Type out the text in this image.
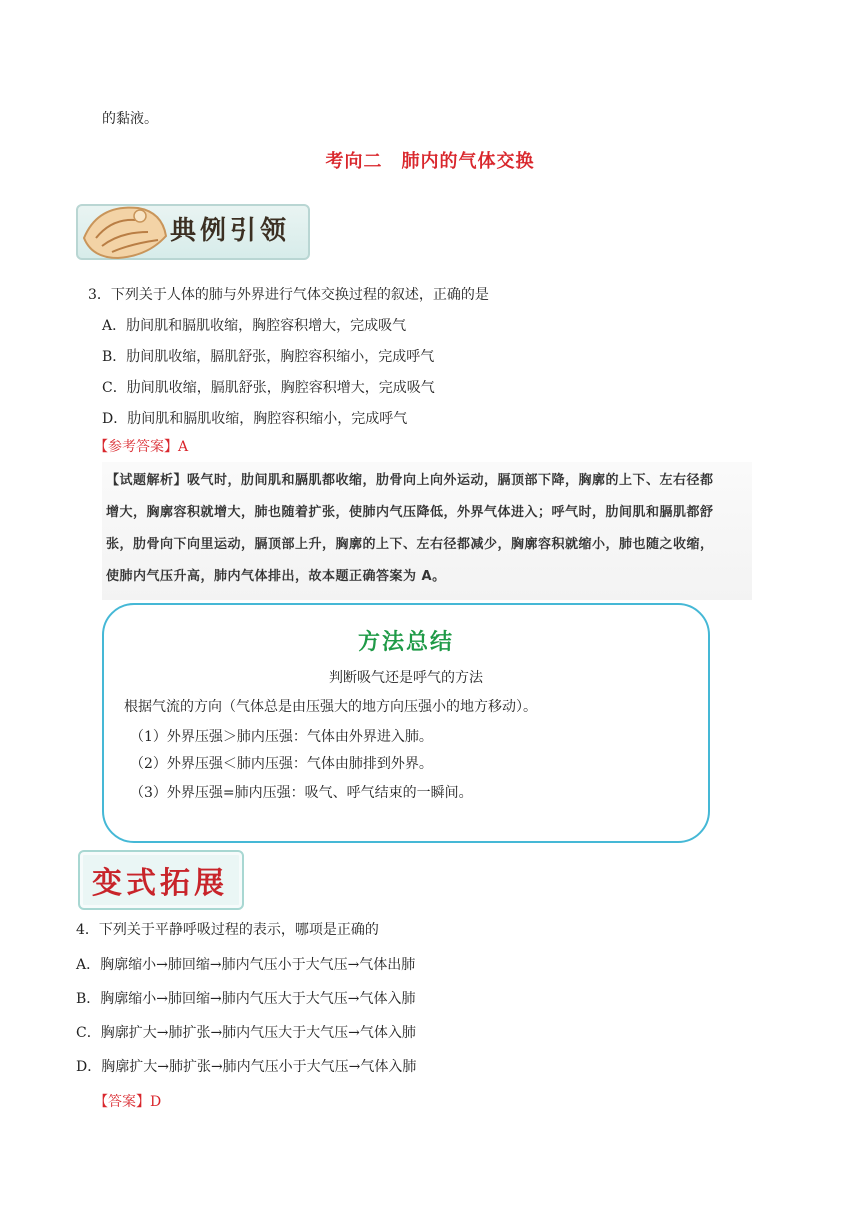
的黏液。
考向二　肺内的气体交换
典例引领
3．下列关于人体的肺与外界进行气体交换过程的叙述，正确的是
A．肋间肌和膈肌收缩，胸腔容积增大，完成吸气
B．肋间肌收缩，膈肌舒张，胸腔容积缩小，完成呼气
C．肋间肌收缩，膈肌舒张，胸腔容积增大，完成吸气
D．肋间肌和膈肌收缩，胸腔容积缩小，完成呼气
【参考答案】A
【试题解析】吸气时，肋间肌和膈肌都收缩，肋骨向上向外运动，膈顶部下降，胸廓的上下、左右径都
增大，胸廓容积就增大，肺也随着扩张，使肺内气压降低，外界气体进入；呼气时，肋间肌和膈肌都舒
张，肋骨向下向里运动，膈顶部上升，胸廓的上下、左右径都减少，胸廓容积就缩小，肺也随之收缩，
使肺内气压升高，肺内气体排出，故本题正确答案为 A。
方法总结
判断吸气还是呼气的方法
根据气流的方向（气体总是由压强大的地方向压强小的地方移动）。
（1）外界压强＞肺内压强：气体由外界进入肺。
（2）外界压强＜肺内压强：气体由肺排到外界。
（3）外界压强=肺内压强：吸气、呼气结束的一瞬间。
变式拓展
4．下列关于平静呼吸过程的表示，哪项是正确的
A．胸廓缩小→肺回缩→肺内气压小于大气压→气体出肺
B．胸廓缩小→肺回缩→肺内气压大于大气压→气体入肺
C．胸廓扩大→肺扩张→肺内气压大于大气压→气体入肺
D．胸廓扩大→肺扩张→肺内气压小于大气压→气体入肺
【答案】D
